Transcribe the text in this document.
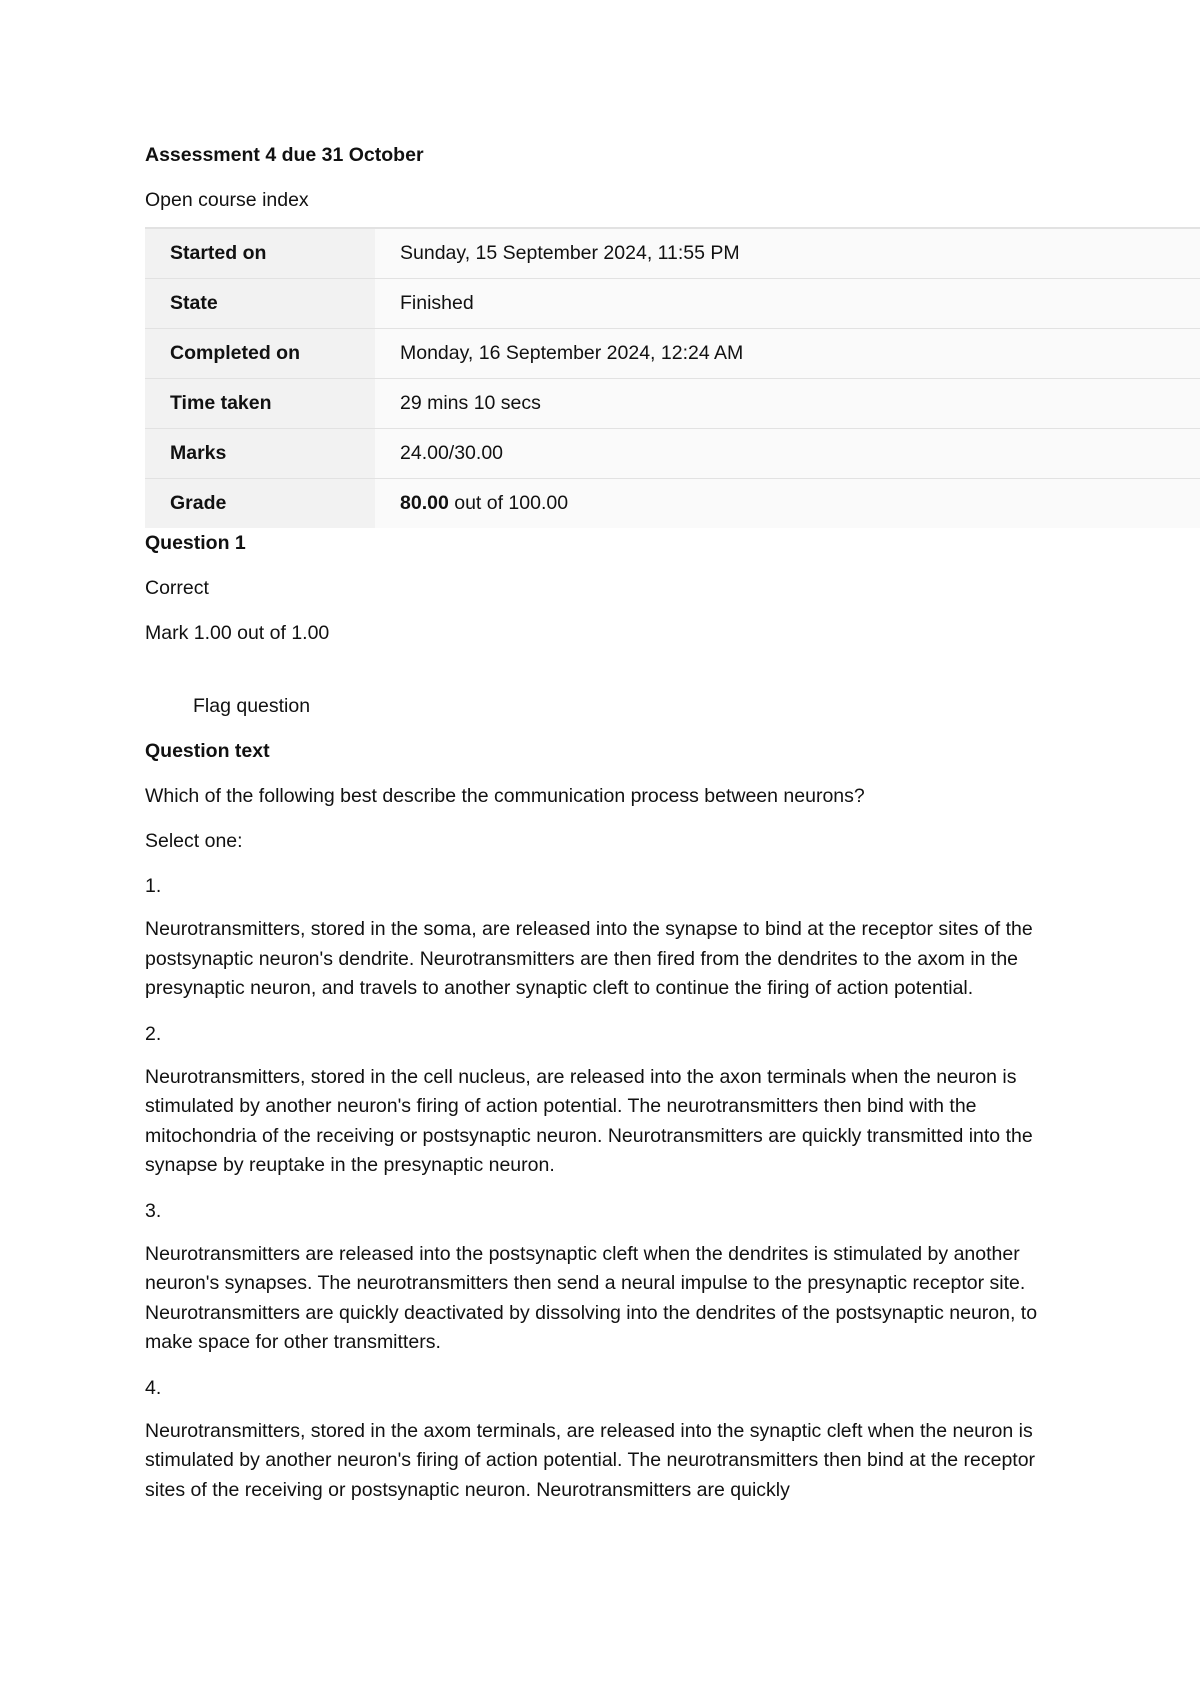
Assessment 4 due 31 October
Open course index
Started on	Sunday, 15 September 2024, 11:55 PM
State	Finished
Completed on	Monday, 16 September 2024, 12:24 AM
Time taken	29 mins 10 secs
Marks	24.00/30.00
Grade	80.00 out of 100.00
Question 1
Correct
Mark 1.00 out of 1.00
Flag question
Question text
Which of the following best describe the communication process between neurons?
Select one:
1.
Neurotransmitters, stored in the soma, are released into the synapse to bind at the receptor sites of the postsynaptic neuron's dendrite. Neurotransmitters are then fired from the dendrites to the axom in the presynaptic neuron, and travels to another synaptic cleft to continue the firing of action potential.
2.
Neurotransmitters, stored in the cell nucleus, are released into the axon terminals when the neuron is stimulated by another neuron's firing of action potential. The neurotransmitters then bind with the mitochondria of the receiving or postsynaptic neuron. Neurotransmitters are quickly transmitted into the synapse by reuptake in the presynaptic neuron.
3.
Neurotransmitters are released into the postsynaptic cleft when the dendrites is stimulated by another neuron's synapses. The neurotransmitters then send a neural impulse to the presynaptic receptor site. Neurotransmitters are quickly deactivated by dissolving into the dendrites of the postsynaptic neuron, to make space for other transmitters.
4.
Neurotransmitters, stored in the axom terminals, are released into the synaptic cleft when the neuron is stimulated by another neuron's firing of action potential. The neurotransmitters then bind at the receptor sites of the receiving or postsynaptic neuron. Neurotransmitters are quickly
